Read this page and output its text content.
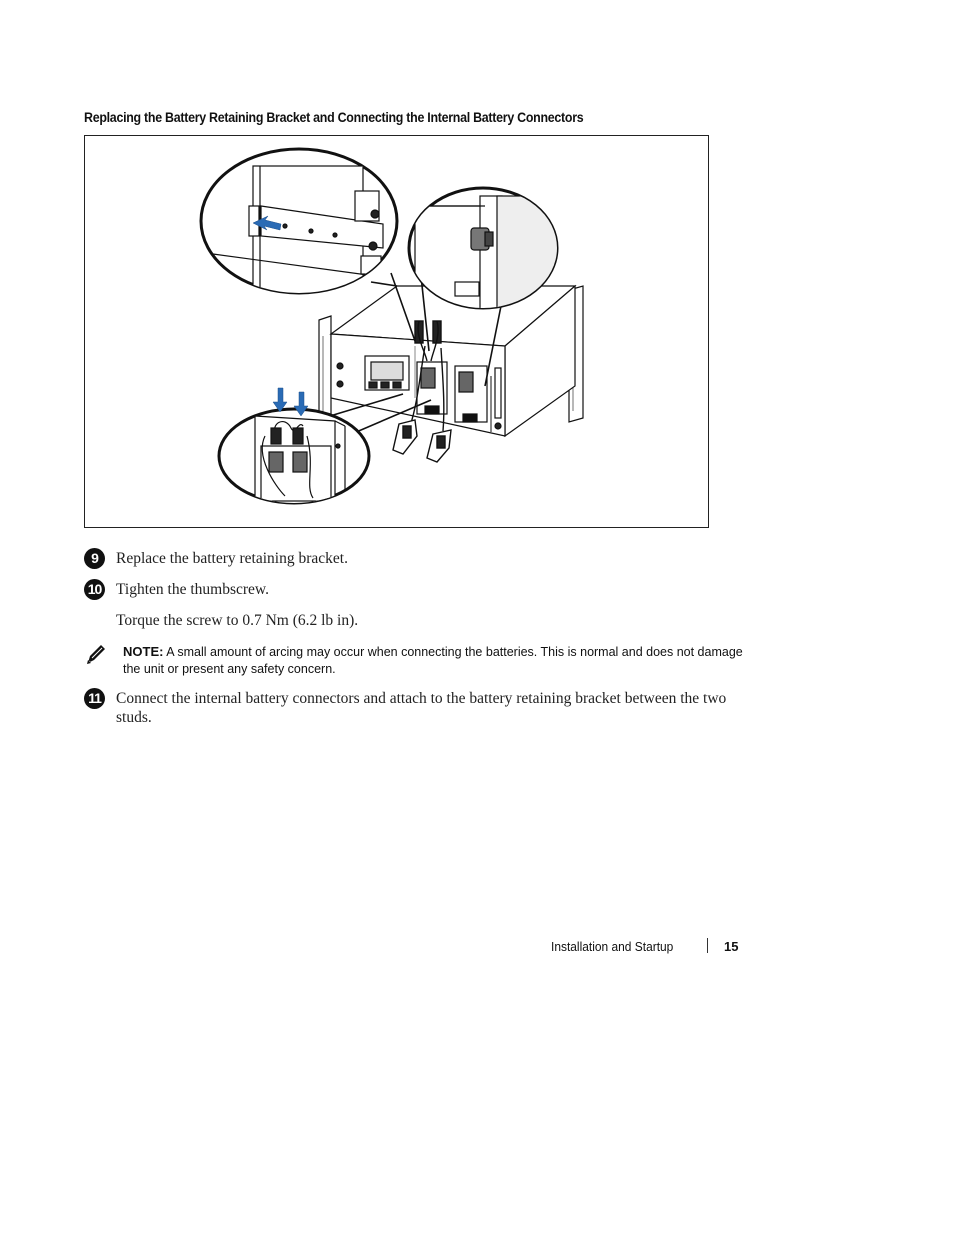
Replacing the Battery Retaining Bracket and Connecting the Internal Battery Connectors
9	Replace the battery retaining bracket.
10 Tighten the thumbscrew.
Torque the screw to 0.7 Nm (6.2 lb in).
NOTE: A small amount of arcing may occur when connecting the batteries. This is normal and does not damage the unit or present any safety concern.
11 Connect the internal battery connectors and attach to the battery retaining bracket between the two studs.
Installation and Startup	15
